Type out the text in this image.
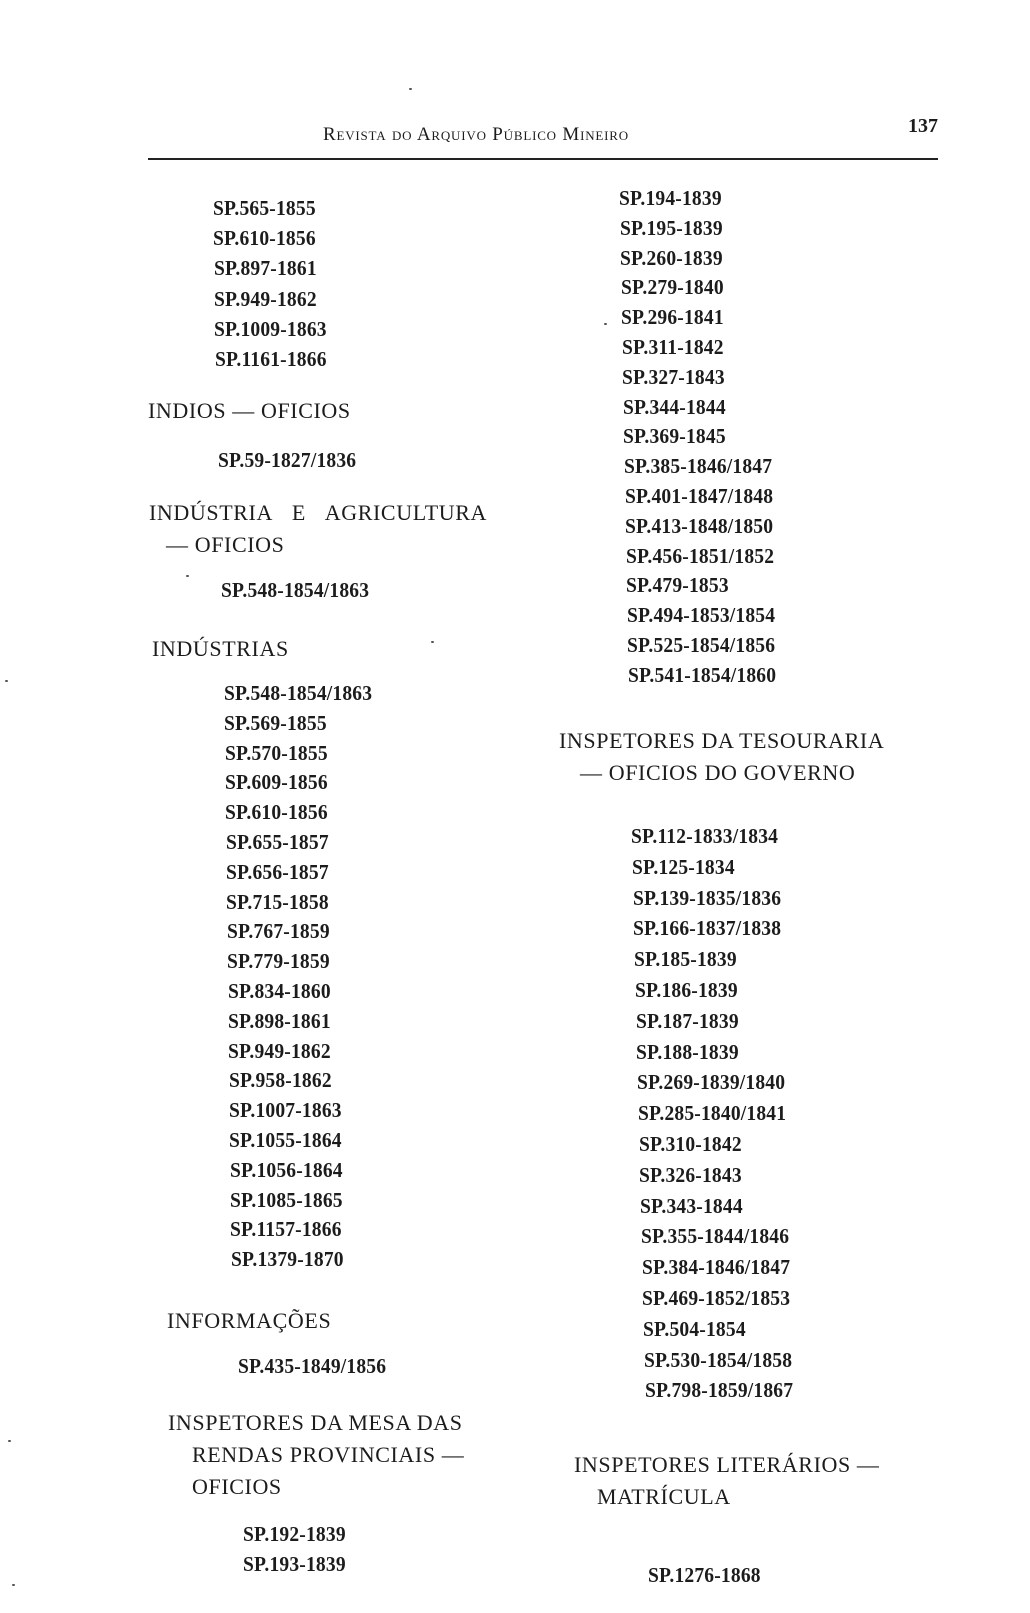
Revista do Arquivo Público Mineiro	137
SP.565-1855
SP.610-1856
SP.897-1861
SP.949-1862
SP.1009-1863
SP.1161-1866
INDIOS — OFICIOS
SP.59-1827/1836
INDÚSTRIA E AGRICULTURA
— OFICIOS
SP.548-1854/1863
INDÚSTRIAS
SP.548-1854/1863
SP.569-1855
SP.570-1855
SP.609-1856
SP.610-1856
SP.655-1857
SP.656-1857
SP.715-1858
SP.767-1859
SP.779-1859
SP.834-1860
SP.898-1861
SP.949-1862
SP.958-1862
SP.1007-1863
SP.1055-1864
SP.1056-1864
SP.1085-1865
SP.1157-1866
SP.1379-1870
INFORMAÇÕES
SP.435-1849/1856
INSPETORES DA MESA DAS
RENDAS PROVINCIAIS —
OFICIOS
SP.192-1839
SP.193-1839
SP.194-1839
SP.195-1839
SP.260-1839
SP.279-1840
SP.296-1841
SP.311-1842
SP.327-1843
SP.344-1844
SP.369-1845
SP.385-1846/1847
SP.401-1847/1848
SP.413-1848/1850
SP.456-1851/1852
SP.479-1853
SP.494-1853/1854
SP.525-1854/1856
SP.541-1854/1860
INSPETORES DA TESOURARIA
— OFICIOS DO GOVERNO
SP.112-1833/1834
SP.125-1834
SP.139-1835/1836
SP.166-1837/1838
SP.185-1839
SP.186-1839
SP.187-1839
SP.188-1839
SP.269-1839/1840
SP.285-1840/1841
SP.310-1842
SP.326-1843
SP.343-1844
SP.355-1844/1846
SP.384-1846/1847
SP.469-1852/1853
SP.504-1854
SP.530-1854/1858
SP.798-1859/1867
INSPETORES LITERÁRIOS —
MATRÍCULA
SP.1276-1868
